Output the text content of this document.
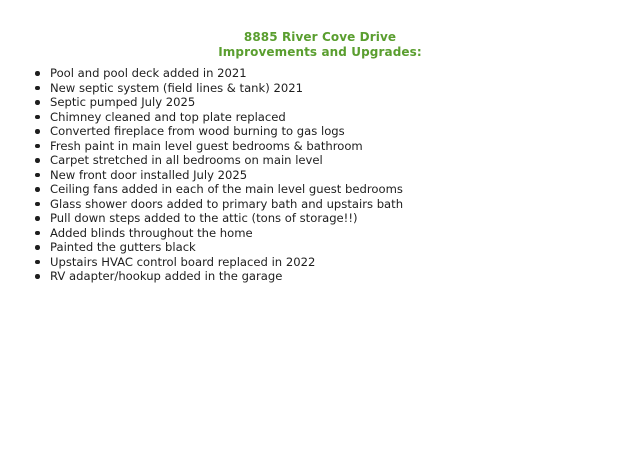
8885 River Cove Drive
Improvements and Upgrades:
Pool and pool deck added in 2021
New septic system (field lines & tank) 2021
Septic pumped July 2025
Chimney cleaned and top plate replaced
Converted fireplace from wood burning to gas logs
Fresh paint in main level guest bedrooms & bathroom
Carpet stretched in all bedrooms on main level
New front door installed July 2025
Ceiling fans added in each of the main level guest bedrooms
Glass shower doors added to primary bath and upstairs bath
Pull down steps added to the attic (tons of storage!!)
Added blinds throughout the home
Painted the gutters black
Upstairs HVAC control board replaced in 2022
RV adapter/hookup added in the garage
